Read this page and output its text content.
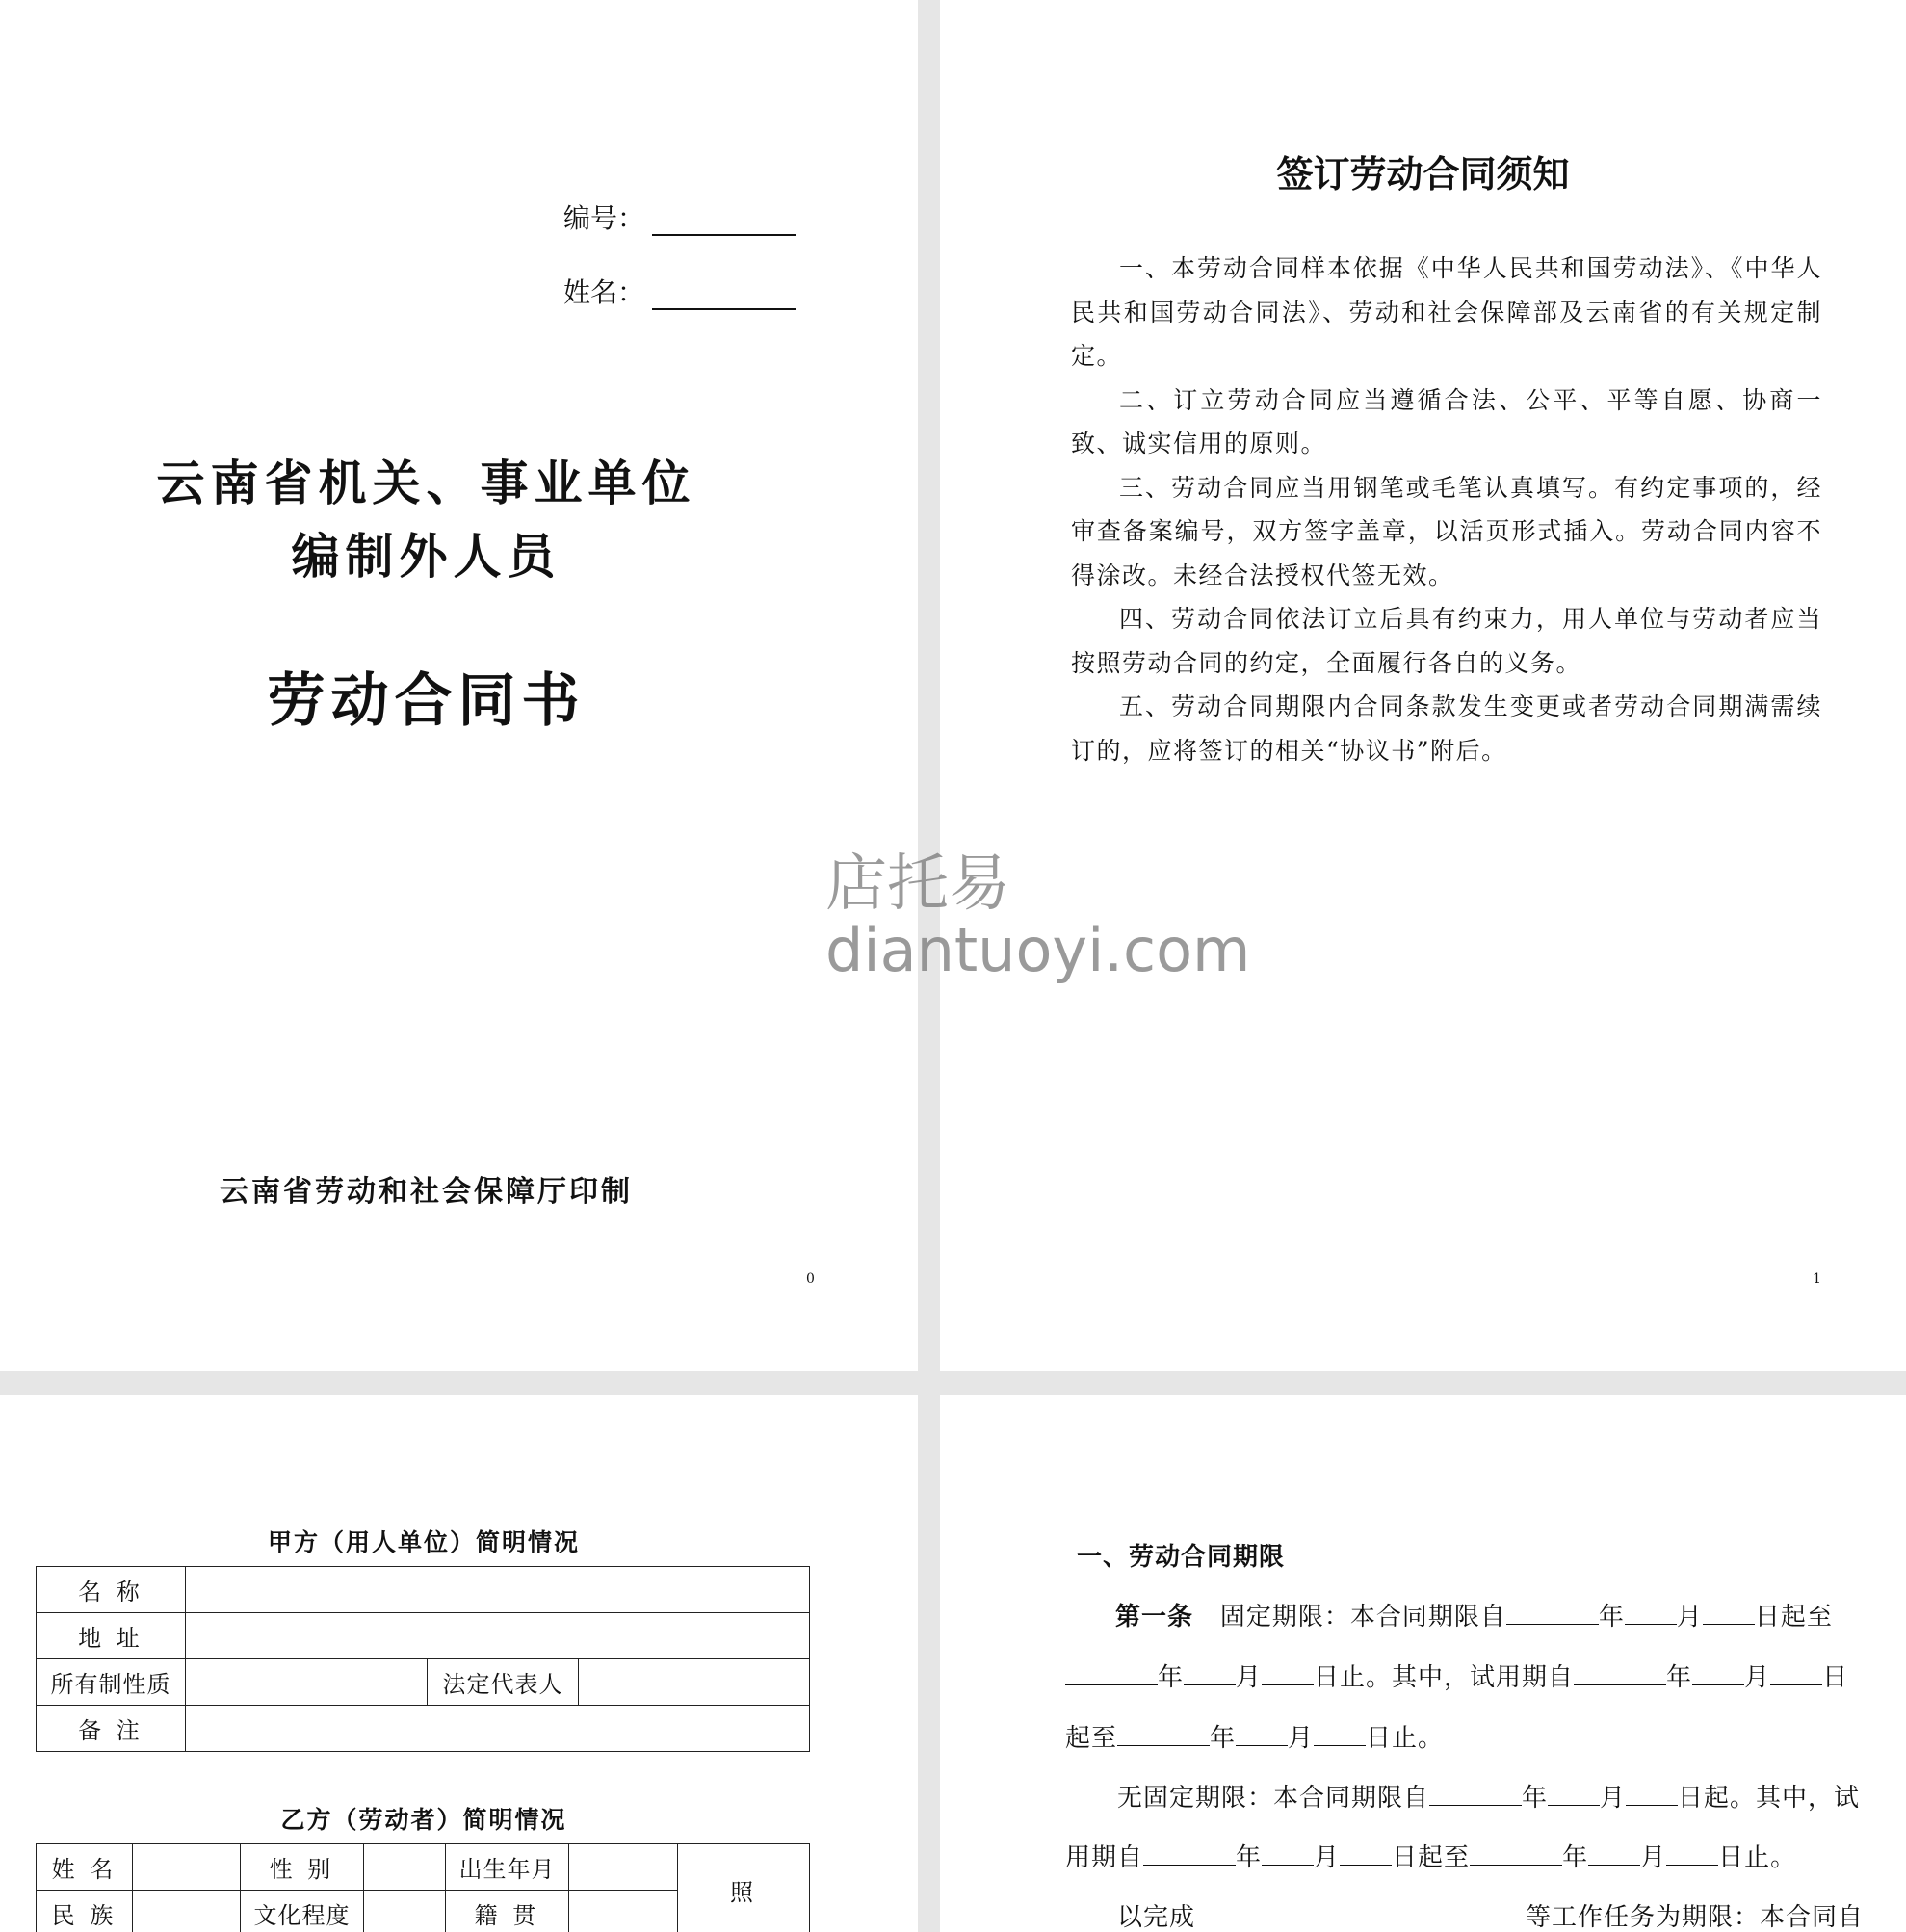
编号：
姓名：
云南省机关、事业单位
编制外人员
劳动合同书
云南省劳动和社会保障厅印制
0
签订劳动合同须知

一、本劳动合同样本依据《中华人民共和国劳动法》、《中华人民共和国劳动合同法》、劳动和社会保障部及云南省的有关规定制定。

二、订立劳动合同应当遵循合法、公平、平等自愿、协商一致、诚实信用的原则。

三、劳动合同应当用钢笔或毛笔认真填写。有约定事项的，经审查备案编号，双方签字盖章，以活页形式插入。劳动合同内容不得涂改。未经合法授权代签无效。

四、劳动合同依法订立后具有约束力，用人单位与劳动者应当按照劳动合同的约定，全面履行各自的义务。

五、劳动合同期限内合同条款发生变更或者劳动合同期满需续订的，应将签订的相关“协议书”附后。

1
甲方（用人单位）简明情况
名 称			
地 址			
所有制性质		法定代表人	
备 注			
乙方（劳动者）简明情况
姓 名		性 别		出生年月		照
民 族		文化程度		籍 贯		
一、劳动合同期限
第一条 固定期限：本合同期限自	年 月 日起至
年 月 日止。其中，试用期自	年 月 日
起至	年 月 日止。
无固定期限：本合同期限自	年 月 日起。其中，试
用期自	年 月 日起至	年 月 日止。
以完成	等工作任务为期限：本合同自
店托易
diantuoyi.com
